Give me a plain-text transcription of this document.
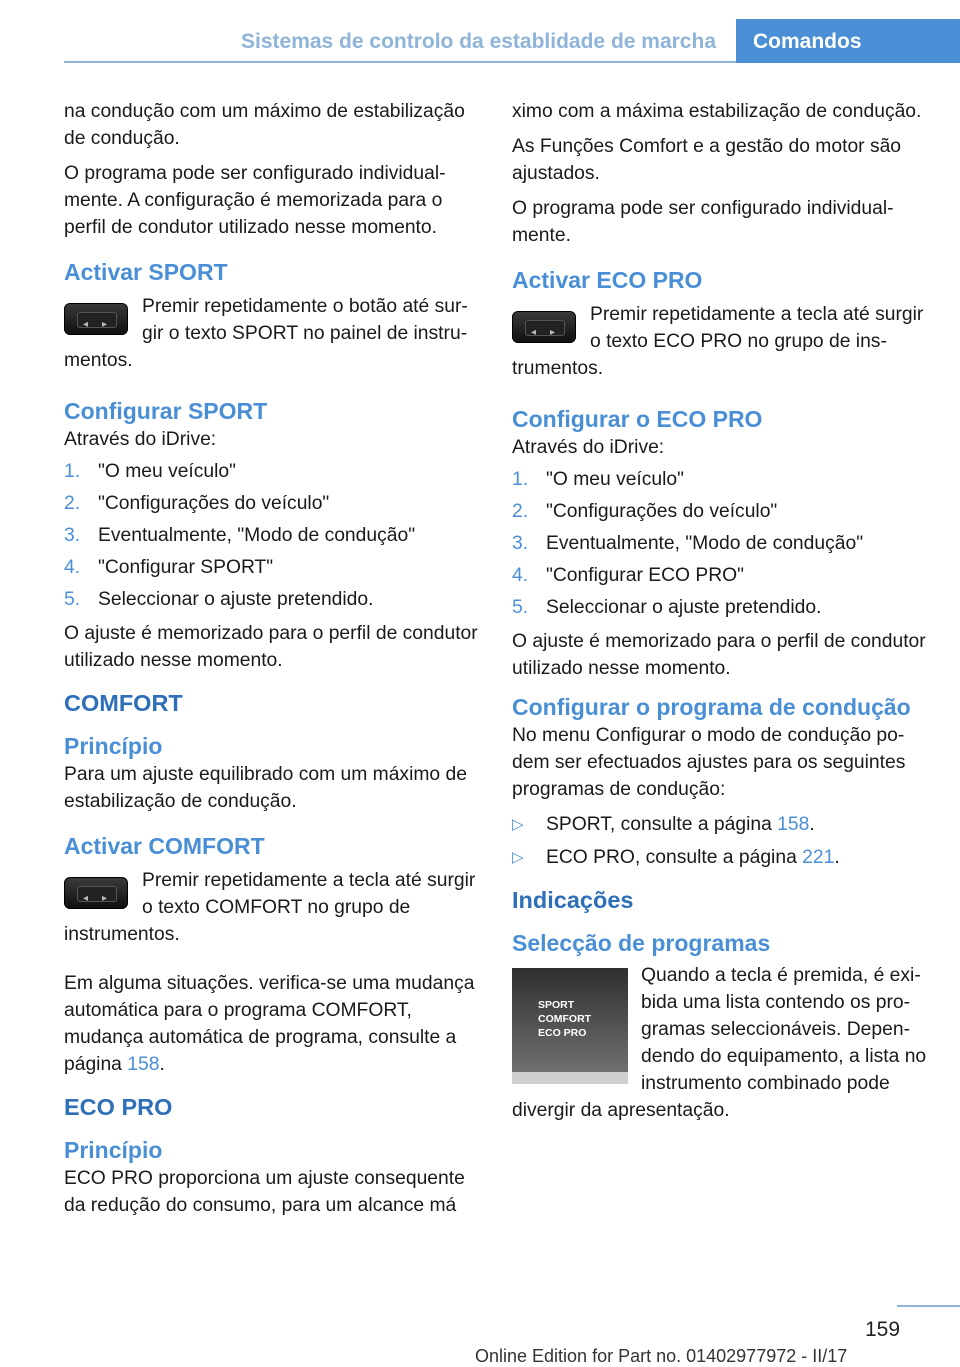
Sistemas de controlo da establidade de marcha Comandos

na condução com um máximo de estabilização de condução.

O programa pode ser configurado individualmente. A configuração é memorizada para o perfil de condutor utilizado nesse momento.

Activar SPORT
◂ ▸
Premir repetidamente o botão até surgir o texto SPORT no painel de instrumentos.
Configurar SPORT

Através do iDrive:

1. "O meu veículo"
2. "Configurações do veículo"
3. Eventualmente, "Modo de condução"
4. "Configurar SPORT"
5. Seleccionar o ajuste pretendido.

O ajuste é memorizado para o perfil de condutor utilizado nesse momento.

COMFORT
Princípio

Para um ajuste equilibrado com um máximo de estabilização de condução.

Activar COMFORT
◂ ▸
Premir repetidamente a tecla até surgir o texto COMFORT no grupo de instrumentos.

Em alguma situações. verifica-se uma mudança automática para o programa COMFORT, mudança automática de programa, consulte a página 158.

ECO PRO
Princípio

ECO PRO proporciona um ajuste consequente da redução do consumo, para um alcance má

ximo com a máxima estabilização de condução.

As Funções Comfort e a gestão do motor são ajustados.

O programa pode ser configurado individualmente.

Activar ECO PRO
◂ ▸
Premir repetidamente a tecla até surgir o texto ECO PRO no grupo de instrumentos.
Configurar o ECO PRO

Através do iDrive:

1. "O meu veículo"
2. "Configurações do veículo"
3. Eventualmente, "Modo de condução"
4. "Configurar ECO PRO"
5. Seleccionar o ajuste pretendido.

O ajuste é memorizado para o perfil de condutor utilizado nesse momento.

Configurar o programa de condução

No menu Configurar o modo de condução podem ser efectuados ajustes para os seguintes programas de condução:

▷ SPORT, consulte a página 158.
▷ ECO PRO, consulte a página 221.
Indicações
Selecção de programas
SPORT
COMFORT
ECO PRO
Quando a tecla é premida, é exibida uma lista contendo os programas seleccionáveis. Dependendo do equipamento, a lista no instrumento combinado pode divergir da apresentação.
159
Online Edition for Part no. 01402977972 - II/17
